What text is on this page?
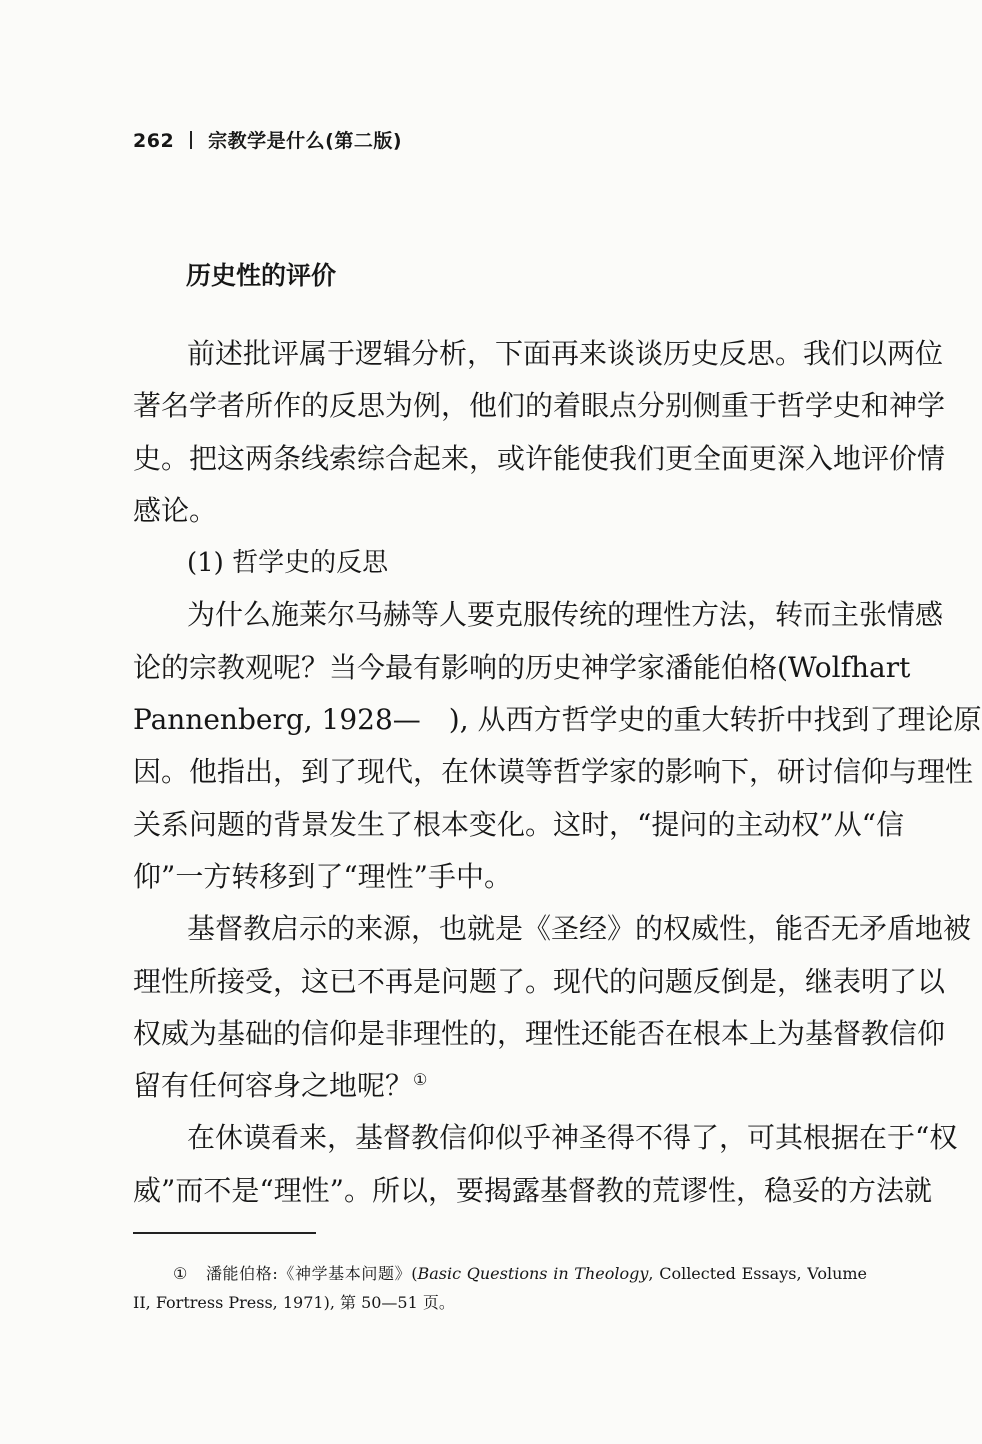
262 宗教学是什么(第二版)
历史性的评价
前述批评属于逻辑分析，下面再来谈谈历史反思。我们以两位
著名学者所作的反思为例，他们的着眼点分别侧重于哲学史和神学
史。把这两条线索综合起来，或许能使我们更全面更深入地评价情
感论。
(1) 哲学史的反思
为什么施莱尔马赫等人要克服传统的理性方法，转而主张情感
论的宗教观呢？当今最有影响的历史神学家潘能伯格(Wolfhart
Pannenberg, 1928—　), 从西方哲学史的重大转折中找到了理论原
因。他指出，到了现代，在休谟等哲学家的影响下，研讨信仰与理性
关系问题的背景发生了根本变化。这时，“提问的主动权”从“信
仰”一方转移到了“理性”手中。
基督教启示的来源，也就是《圣经》的权威性，能否无矛盾地被
理性所接受，这已不再是问题了。现代的问题反倒是，继表明了以
权威为基础的信仰是非理性的，理性还能否在根本上为基督教信仰
留有任何容身之地呢？①
在休谟看来，基督教信仰似乎神圣得不得了，可其根据在于“权
威”而不是“理性”。所以，要揭露基督教的荒谬性，稳妥的方法就
① 潘能伯格:《神学基本问题》(Basic Questions in Theology, Collected Essays, Volume
II, Fortress Press, 1971), 第 50—51 页。
